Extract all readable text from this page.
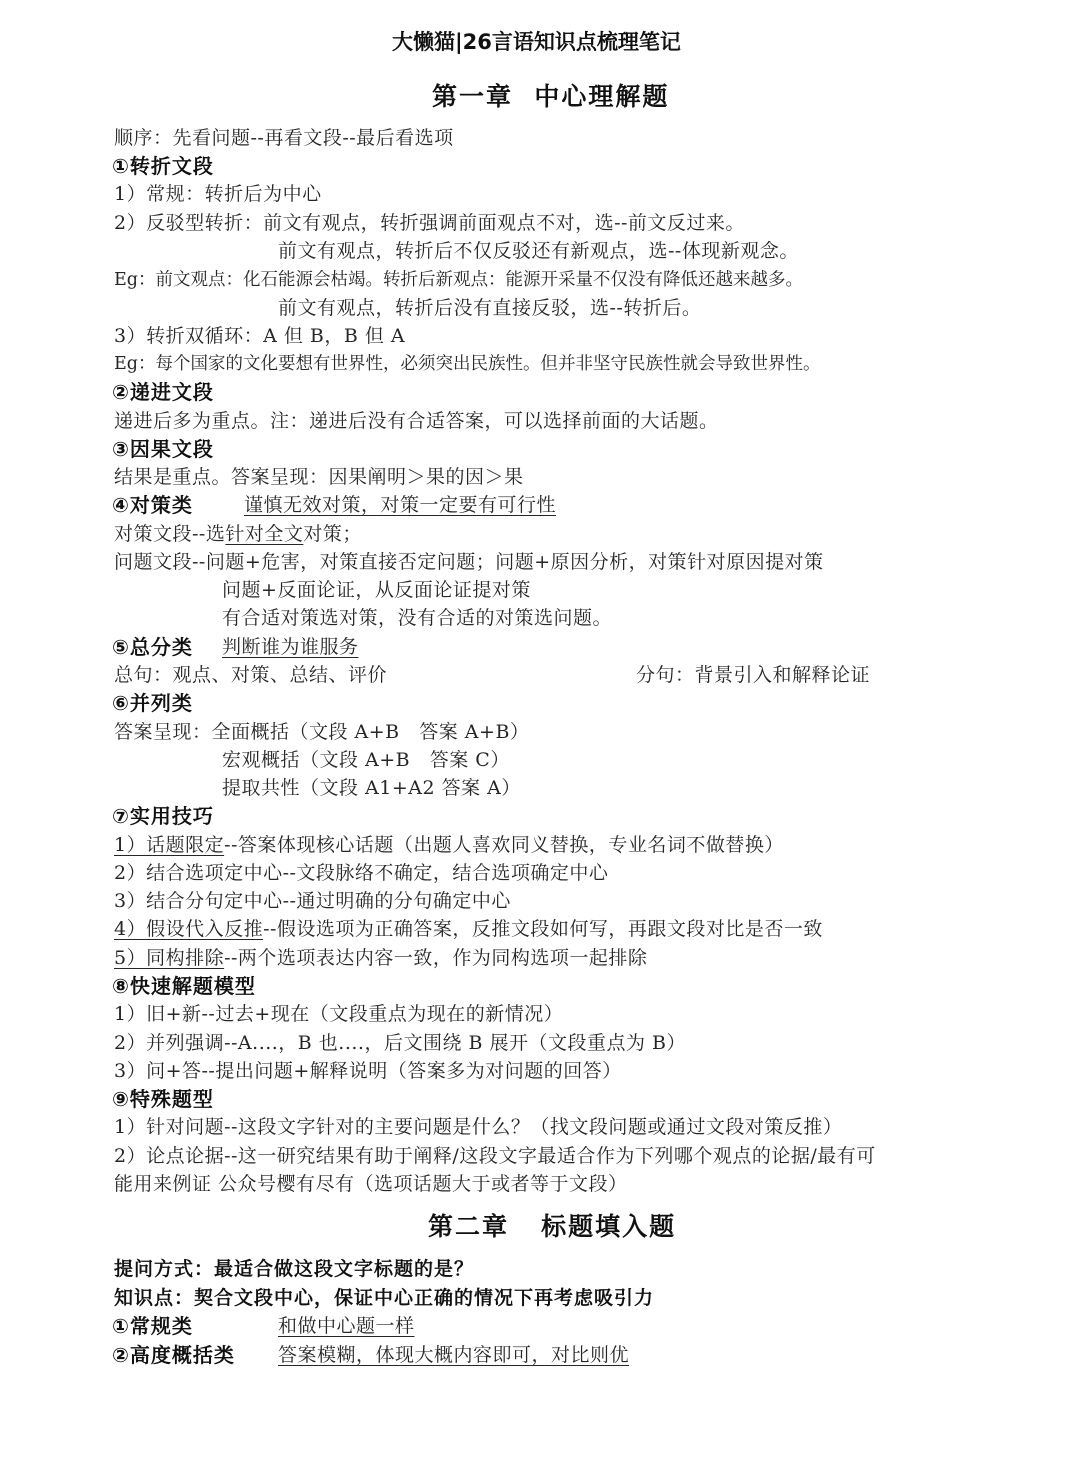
大懒猫|26言语知识点梳理笔记
第一章  中心理解题
顺序：先看问题--再看文段--最后看选项
①转折文段
1）常规：转折后为中心
2）反驳型转折：前文有观点，转折强调前面观点不对，选--前文反过来。
前文有观点，转折后不仅反驳还有新观点，选--体现新观念。
Eg：前文观点：化石能源会枯竭。转折后新观点：能源开采量不仅没有降低还越来越多。
前文有观点，转折后没有直接反驳，选--转折后。
3）转折双循环：A 但 B，B 但 A
Eg：每个国家的文化要想有世界性，必须突出民族性。但并非坚守民族性就会导致世界性。
②递进文段
递进后多为重点。注：递进后没有合适答案，可以选择前面的大话题。
③因果文段
结果是重点。答案呈现：因果阐明＞果的因＞果
④对策类	谨慎无效对策，对策一定要有可行性
对策文段--选针对全文对策；
问题文段--问题+危害，对策直接否定问题；问题+原因分析，对策针对原因提对策
问题+反面论证，从反面论证提对策
有合适对策选对策，没有合适的对策选问题。
⑤总分类 判断谁为谁服务
总句：观点、对策、总结、评价	分句：背景引入和解释论证
⑥并列类
答案呈现：全面概括（文段 A+B   答案 A+B）
宏观概括（文段 A+B   答案 C）
提取共性（文段 A1+A2 答案 A）
⑦实用技巧
1）话题限定--答案体现核心话题（出题人喜欢同义替换，专业名词不做替换）
2）结合选项定中心--文段脉络不确定，结合选项确定中心
3）结合分句定中心--通过明确的分句确定中心
4）假设代入反推--假设选项为正确答案，反推文段如何写，再跟文段对比是否一致
5）同构排除--两个选项表达内容一致，作为同构选项一起排除
⑧快速解题模型
1）旧+新--过去+现在（文段重点为现在的新情况）
2）并列强调--A....，B 也....，后文围绕 B 展开（文段重点为 B）
3）问+答--提出问题+解释说明（答案多为对问题的回答）
⑨特殊题型
1）针对问题--这段文字针对的主要问题是什么？（找文段问题或通过文段对策反推）
2）论点论据--这一研究结果有助于阐释/这段文字最适合作为下列哪个观点的论据/最有可
能用来例证 公众号樱有尽有（选项话题大于或者等于文段）
第二章   标题填入题
提问方式：最适合做这段文字标题的是？
知识点：契合文段中心，保证中心正确的情况下再考虑吸引力
①常规类	和做中心题一样
②高度概括类 答案模糊，体现大概内容即可，对比则优
